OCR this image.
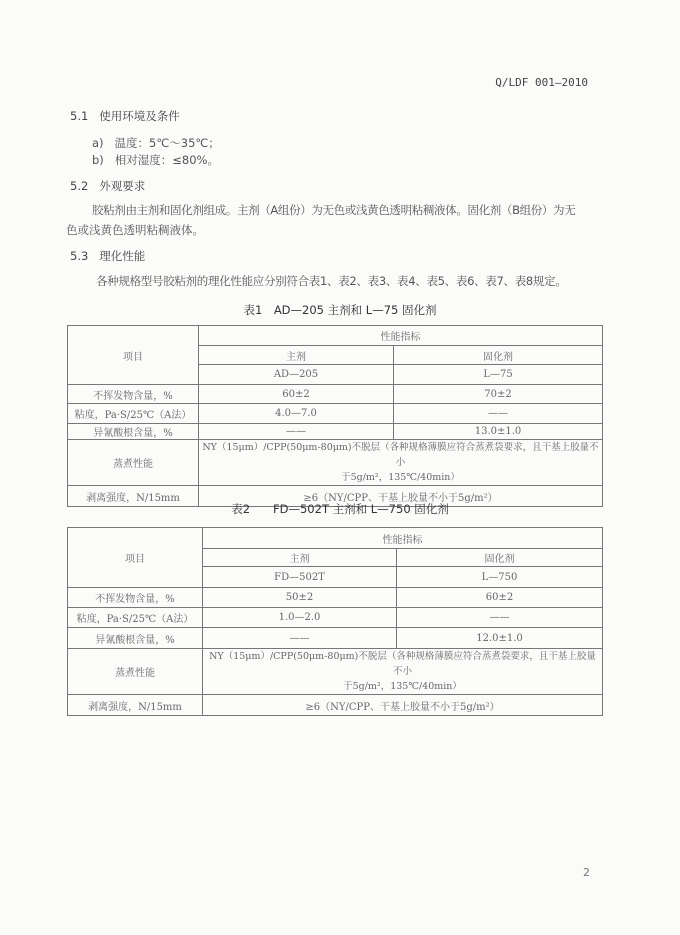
Q/LDF 001—2010
5.1 使用环境及条件
a) 温度：5℃～35℃；
b) 相对湿度：≤80%。
5.2 外观要求
胶粘剂由主剂和固化剂组成。主剂（A组份）为无色或浅黄色透明粘稠液体。固化剂（B组份）为无
色或浅黄色透明粘稠液体。
5.3 理化性能
各种规格型号胶粘剂的理化性能应分别符合表1、表2、表3、表4、表5、表6、表7、表8规定。
表1　AD—205 主剂和 L—75 固化剂
项目	性能指标	
	主剂	固化剂
	AD—205	L—75
不挥发物含量，%	60±2	70±2
粘度，Pa·S/25℃（A法）	4.0—7.0	——
异氰酸根含量，%	——	13.0±1.0
蒸煮性能	NY（15μm）/CPP(50μm-80μm)不脱层（各种规格薄膜应符合蒸煮袋要求，且干基上胶量不小
于5g/m²，135℃/40min）	
剥离强度，N/15mm	≥6（NY/CPP、干基上胶量不小于5g/m²）	
表2　　FD—502T 主剂和 L—750 固化剂
项目	性能指标	
	主剂	固化剂
	FD—502T	L—750
不挥发物含量，%	50±2	60±2
粘度，Pa·S/25℃（A法）	1.0—2.0	——
异氰酸根含量，%	——	12.0±1.0
蒸煮性能	NY（15μm）/CPP(50μm-80μm)不脱层（各种规格薄膜应符合蒸煮袋要求，且干基上胶量不小
于5g/m²，135℃/40min）	
剥离强度，N/15mm	≥6（NY/CPP、干基上胶量不小于5g/m²）	
2
